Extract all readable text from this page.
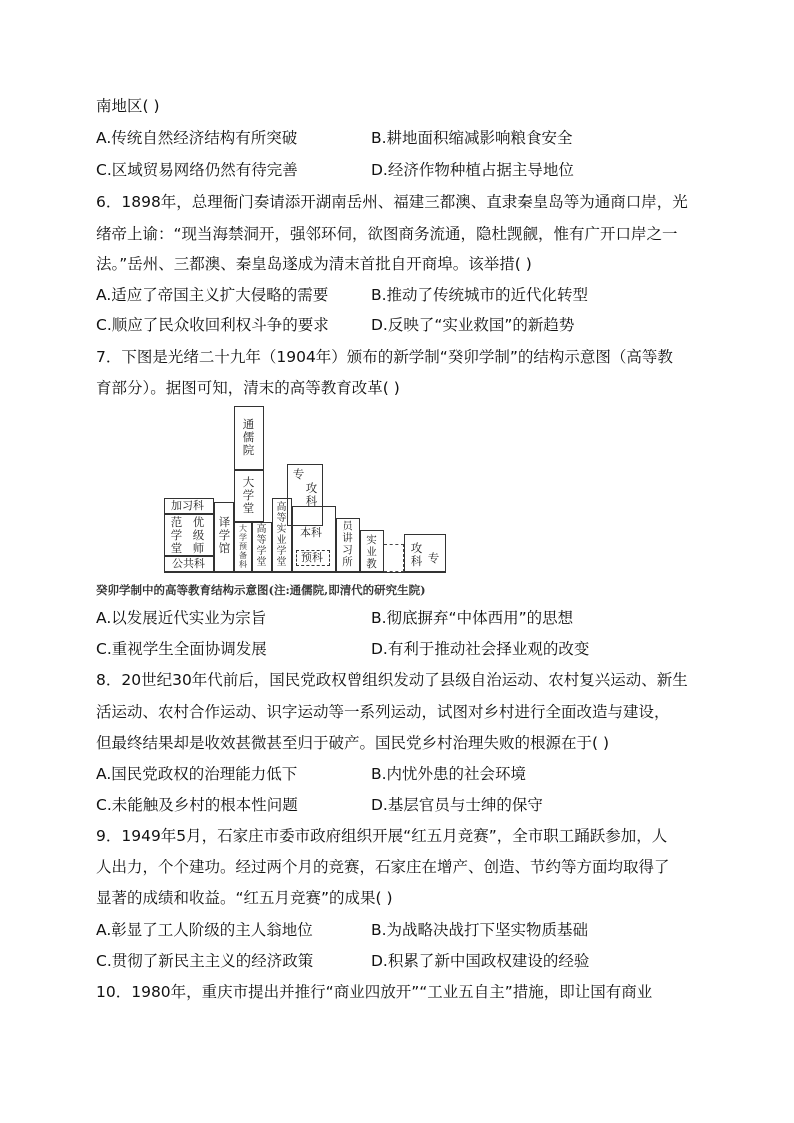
南地区( )
A.传统自然经济结构有所突破	B.耕地面积缩减影响粮食安全
C.区域贸易网络仍然有待完善	D.经济作物种植占据主导地位
6．1898年，总理衙门奏请添开湖南岳州、福建三都澳、直隶秦皇岛等为通商口岸，光
绪帝上谕：“现当海禁洞开，强邻环伺，欲图商务流通，隐杜觊觎，惟有广开口岸之一
法。”岳州、三都澳、秦皇岛遂成为清末首批自开商埠。该举措( )
A.适应了帝国主义扩大侵略的需要	B.推动了传统城市的近代化转型
C.顺应了民众收回利权斗争的要求	D.反映了“实业救国”的新趋势
7．下图是光绪二十九年（1904年）颁布的新学制“癸卯学制”的结构示意图（高等教
育部分）。据图可知，清末的高等教育改革( )
通儒院
大学堂
专
攻
科
加习科
范学堂
优级师
公共科
译学馆
大学预备科
高等学堂
高等实业学堂
本科
预科
员讲习所
实业教
攻科 专
癸卯学制中的高等教育结构示意图(注:通儒院,即清代的研究生院)
A.以发展近代实业为宗旨	B.彻底摒弃“中体西用”的思想
C.重视学生全面协调发展	D.有利于推动社会择业观的改变
8．20世纪30年代前后，国民党政权曾组织发动了县级自治运动、农村复兴运动、新生
活运动、农村合作运动、识字运动等一系列运动，试图对乡村进行全面改造与建设，
但最终结果却是收效甚微甚至归于破产。国民党乡村治理失败的根源在于( )
A.国民党政权的治理能力低下	B.内忧外患的社会环境
C.未能触及乡村的根本性问题	D.基层官员与士绅的保守
9．1949年5月，石家庄市委市政府组织开展“红五月竞赛”，全市职工踊跃参加，人
人出力，个个建功。经过两个月的竞赛，石家庄在增产、创造、节约等方面均取得了
显著的成绩和收益。“红五月竞赛”的成果( )
A.彰显了工人阶级的主人翁地位	B.为战略决战打下坚实物质基础
C.贯彻了新民主主义的经济政策	D.积累了新中国政权建设的经验
10．1980年，重庆市提出并推行“商业四放开”“工业五自主”措施，即让国有商业
